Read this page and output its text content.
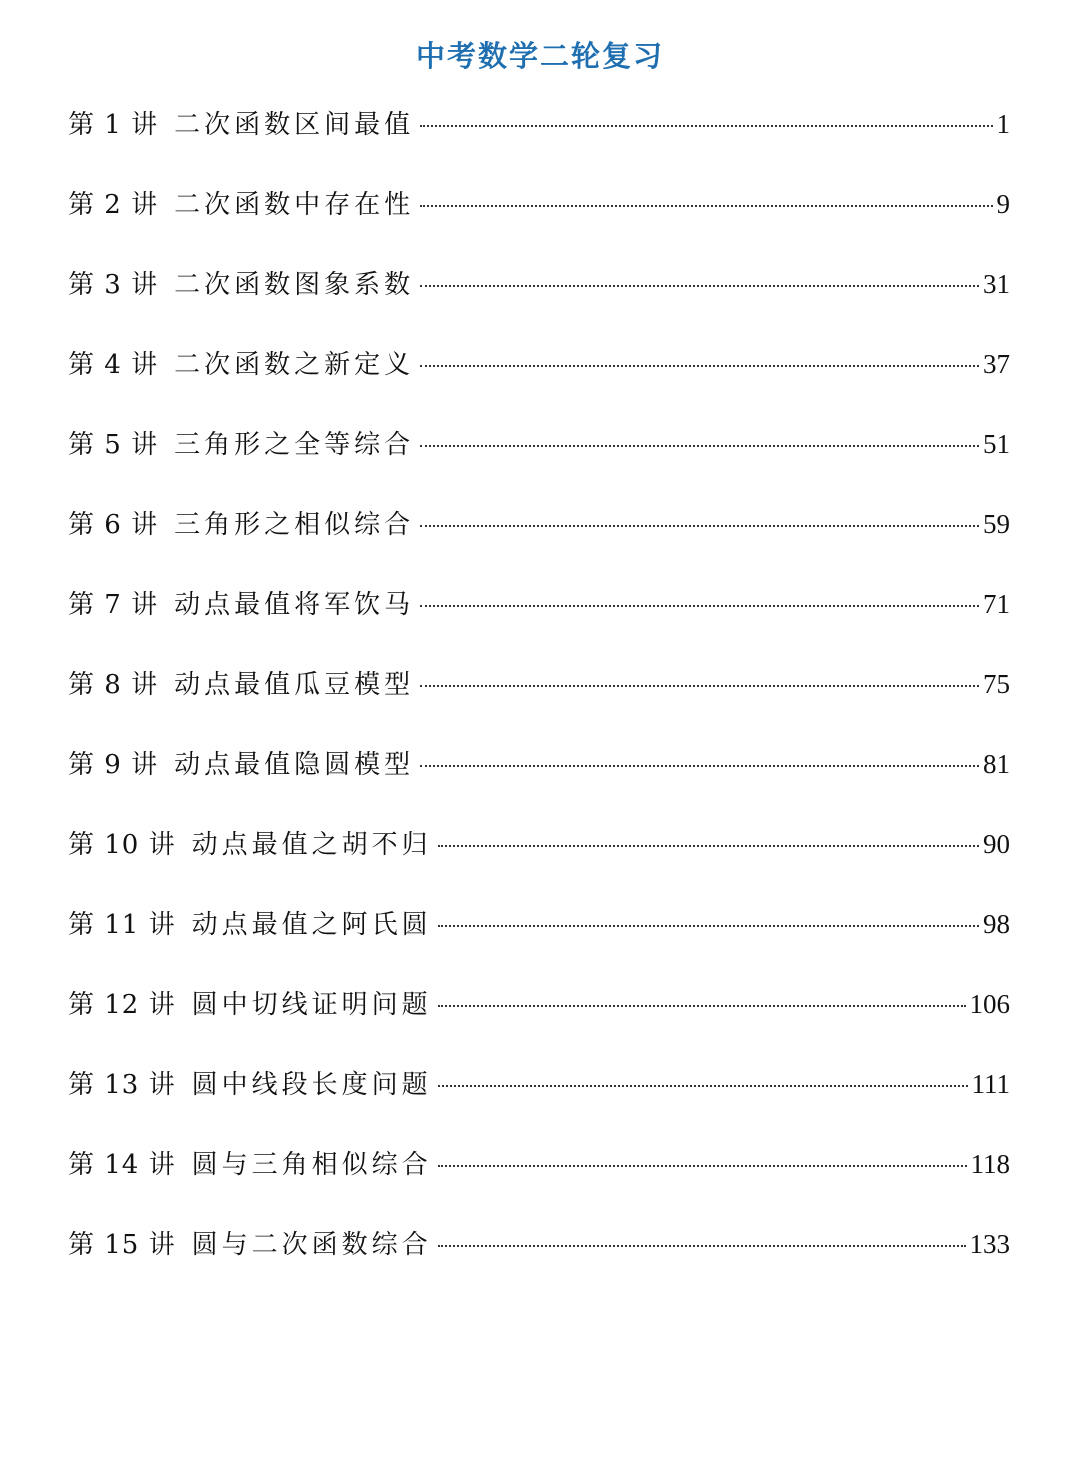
中考数学二轮复习
第 1 讲 二次函数区间最值	1
第 2 讲 二次函数中存在性	9
第 3 讲 二次函数图象系数	31
第 4 讲 二次函数之新定义	37
第 5 讲 三角形之全等综合	51
第 6 讲 三角形之相似综合	59
第 7 讲 动点最值将军饮马	71
第 8 讲 动点最值瓜豆模型	75
第 9 讲 动点最值隐圆模型	81
第 10 讲 动点最值之胡不归	90
第 11 讲 动点最值之阿氏圆	98
第 12 讲 圆中切线证明问题	106
第 13 讲 圆中线段长度问题	111
第 14 讲 圆与三角相似综合	118
第 15 讲 圆与二次函数综合	133
